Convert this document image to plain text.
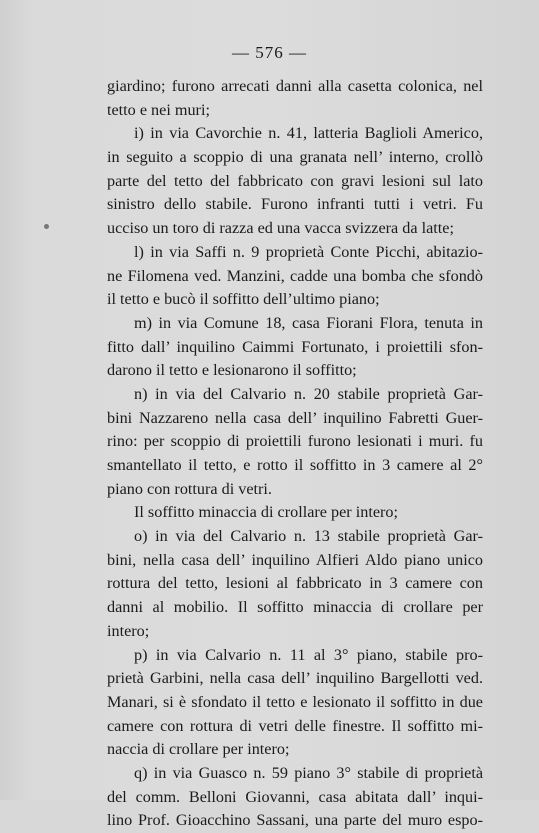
— 576 —
giardino; furono arrecati danni alla casetta colonica, nel
tetto e nei muri;
i) in via Cavorchie n. 41, latteria Baglioli Americo,
in seguito a scoppio di una granata nell’ interno, crollò
parte del tetto del fabbricato con gravi lesioni sul lato
sinistro dello stabile. Furono infranti tutti i vetri. Fu
ucciso un toro di razza ed una vacca svizzera da latte;
l) in via Saffi n. 9 proprietà Conte Picchi, abitazio-
ne Filomena ved. Manzini, cadde una bomba che sfondò
il tetto e bucò il soffitto dell’ultimo piano;
m) in via Comune 18, casa Fiorani Flora, tenuta in
fitto dall’ inquilino Caimmi Fortunato, i proiettili sfon-
darono il tetto e lesionarono il soffitto;
n) in via del Calvario n. 20 stabile proprietà Gar-
bini Nazzareno nella casa dell’ inquilino Fabretti Guer-
rino: per scoppio di proiettili furono lesionati i muri. fu
smantellato il tetto, e rotto il soffitto in 3 camere al 2°
piano con rottura di vetri.
Il soffitto minaccia di crollare per intero;
o) in via del Calvario n. 13 stabile proprietà Gar-
bini, nella casa dell’ inquilino Alfieri Aldo piano unico
rottura del tetto, lesioni al fabbricato in 3 camere con
danni al mobilio. Il soffitto minaccia di crollare per
intero;
p) in via Calvario n. 11 al 3° piano, stabile pro-
prietà Garbini, nella casa dell’ inquilino Bargellotti ved.
Manari, si è sfondato il tetto e lesionato il soffitto in due
camere con rottura di vetri delle finestre. Il soffitto mi-
naccia di crollare per intero;
q) in via Guasco n. 59 piano 3° stabile di proprietà
del comm. Belloni Giovanni, casa abitata dall’ inqui-
lino Prof. Gioacchino Sassani, una parte del muro espo-
